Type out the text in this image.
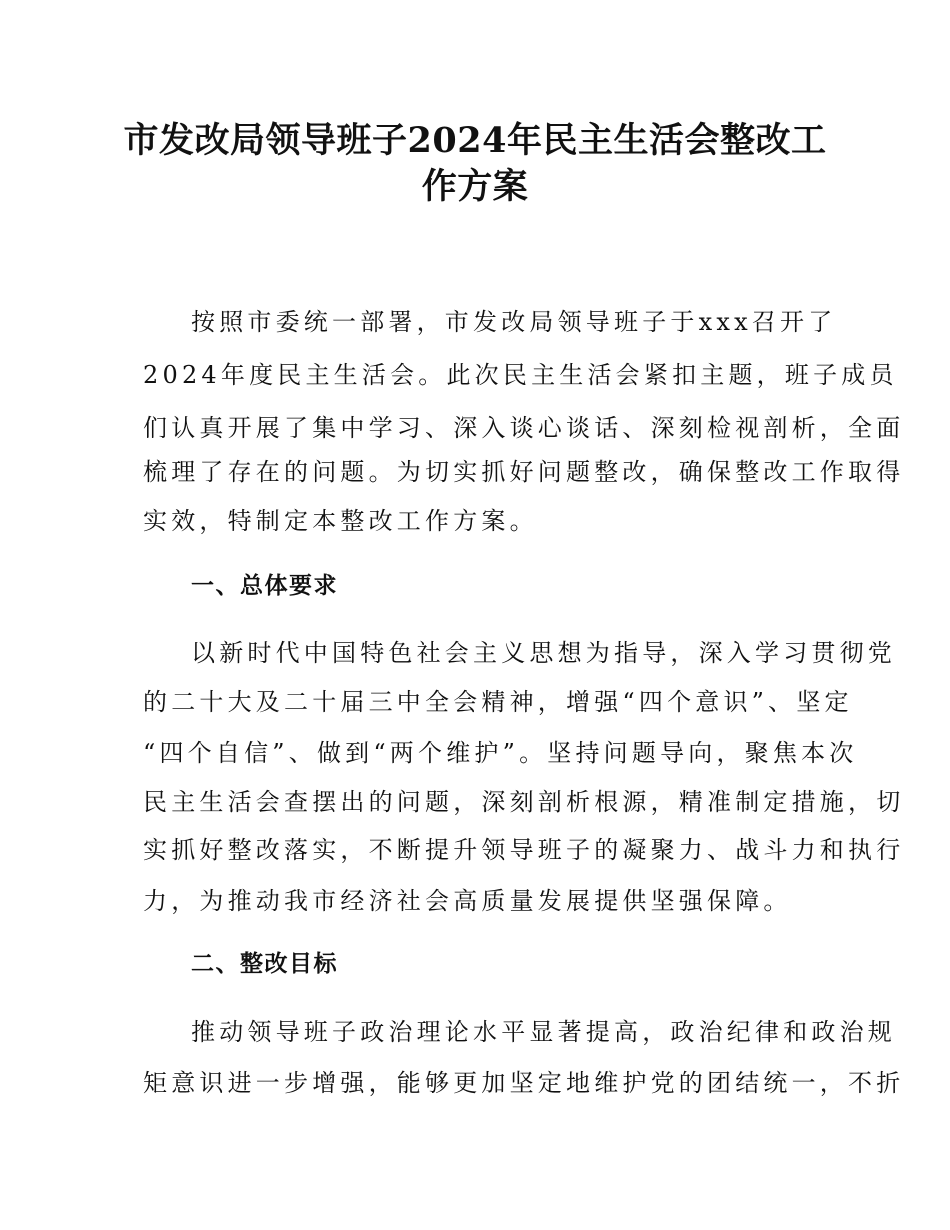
市发改局领导班子2024年民主生活会整改工
作方案

按照市委统一部署，市发改局领导班子于xxx召开了

2024年度民主生活会。此次民主生活会紧扣主题，班子成员

们认真开展了集中学习、深入谈心谈话、深刻检视剖析，全面

梳理了存在的问题。为切实抓好问题整改，确保整改工作取得

实效，特制定本整改工作方案。

一、总体要求

以新时代中国特色社会主义思想为指导，深入学习贯彻党

的二十大及二十届三中全会精神，增强“四个意识”、坚定

“四个自信”、做到“两个维护”。坚持问题导向，聚焦本次

民主生活会查摆出的问题，深刻剖析根源，精准制定措施，切

实抓好整改落实，不断提升领导班子的凝聚力、战斗力和执行

力，为推动我市经济社会高质量发展提供坚强保障。

二、整改目标

推动领导班子政治理论水平显著提高，政治纪律和政治规

矩意识进一步增强，能够更加坚定地维护党的团结统一，不折
